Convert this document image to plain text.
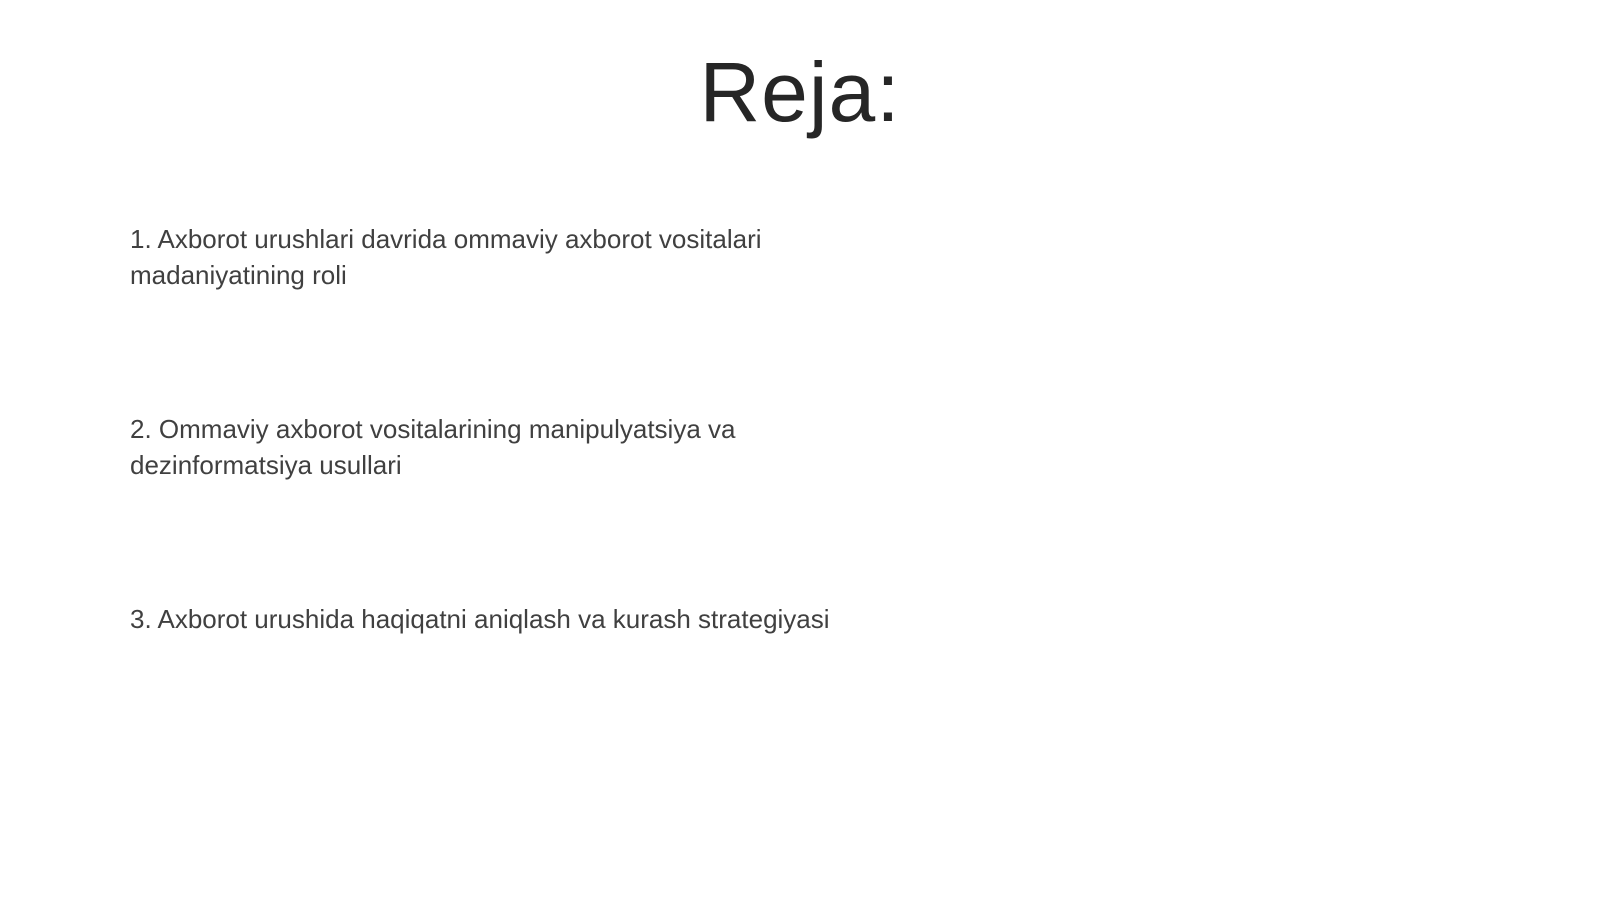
Reja:
1. Axborot urushlari davrida ommaviy axborot vositalari madaniyatining roli
2. Ommaviy axborot vositalarining manipulyatsiya va dezinformatsiya usullari
3. Axborot urushida haqiqatni aniqlash va kurash strategiyasi
